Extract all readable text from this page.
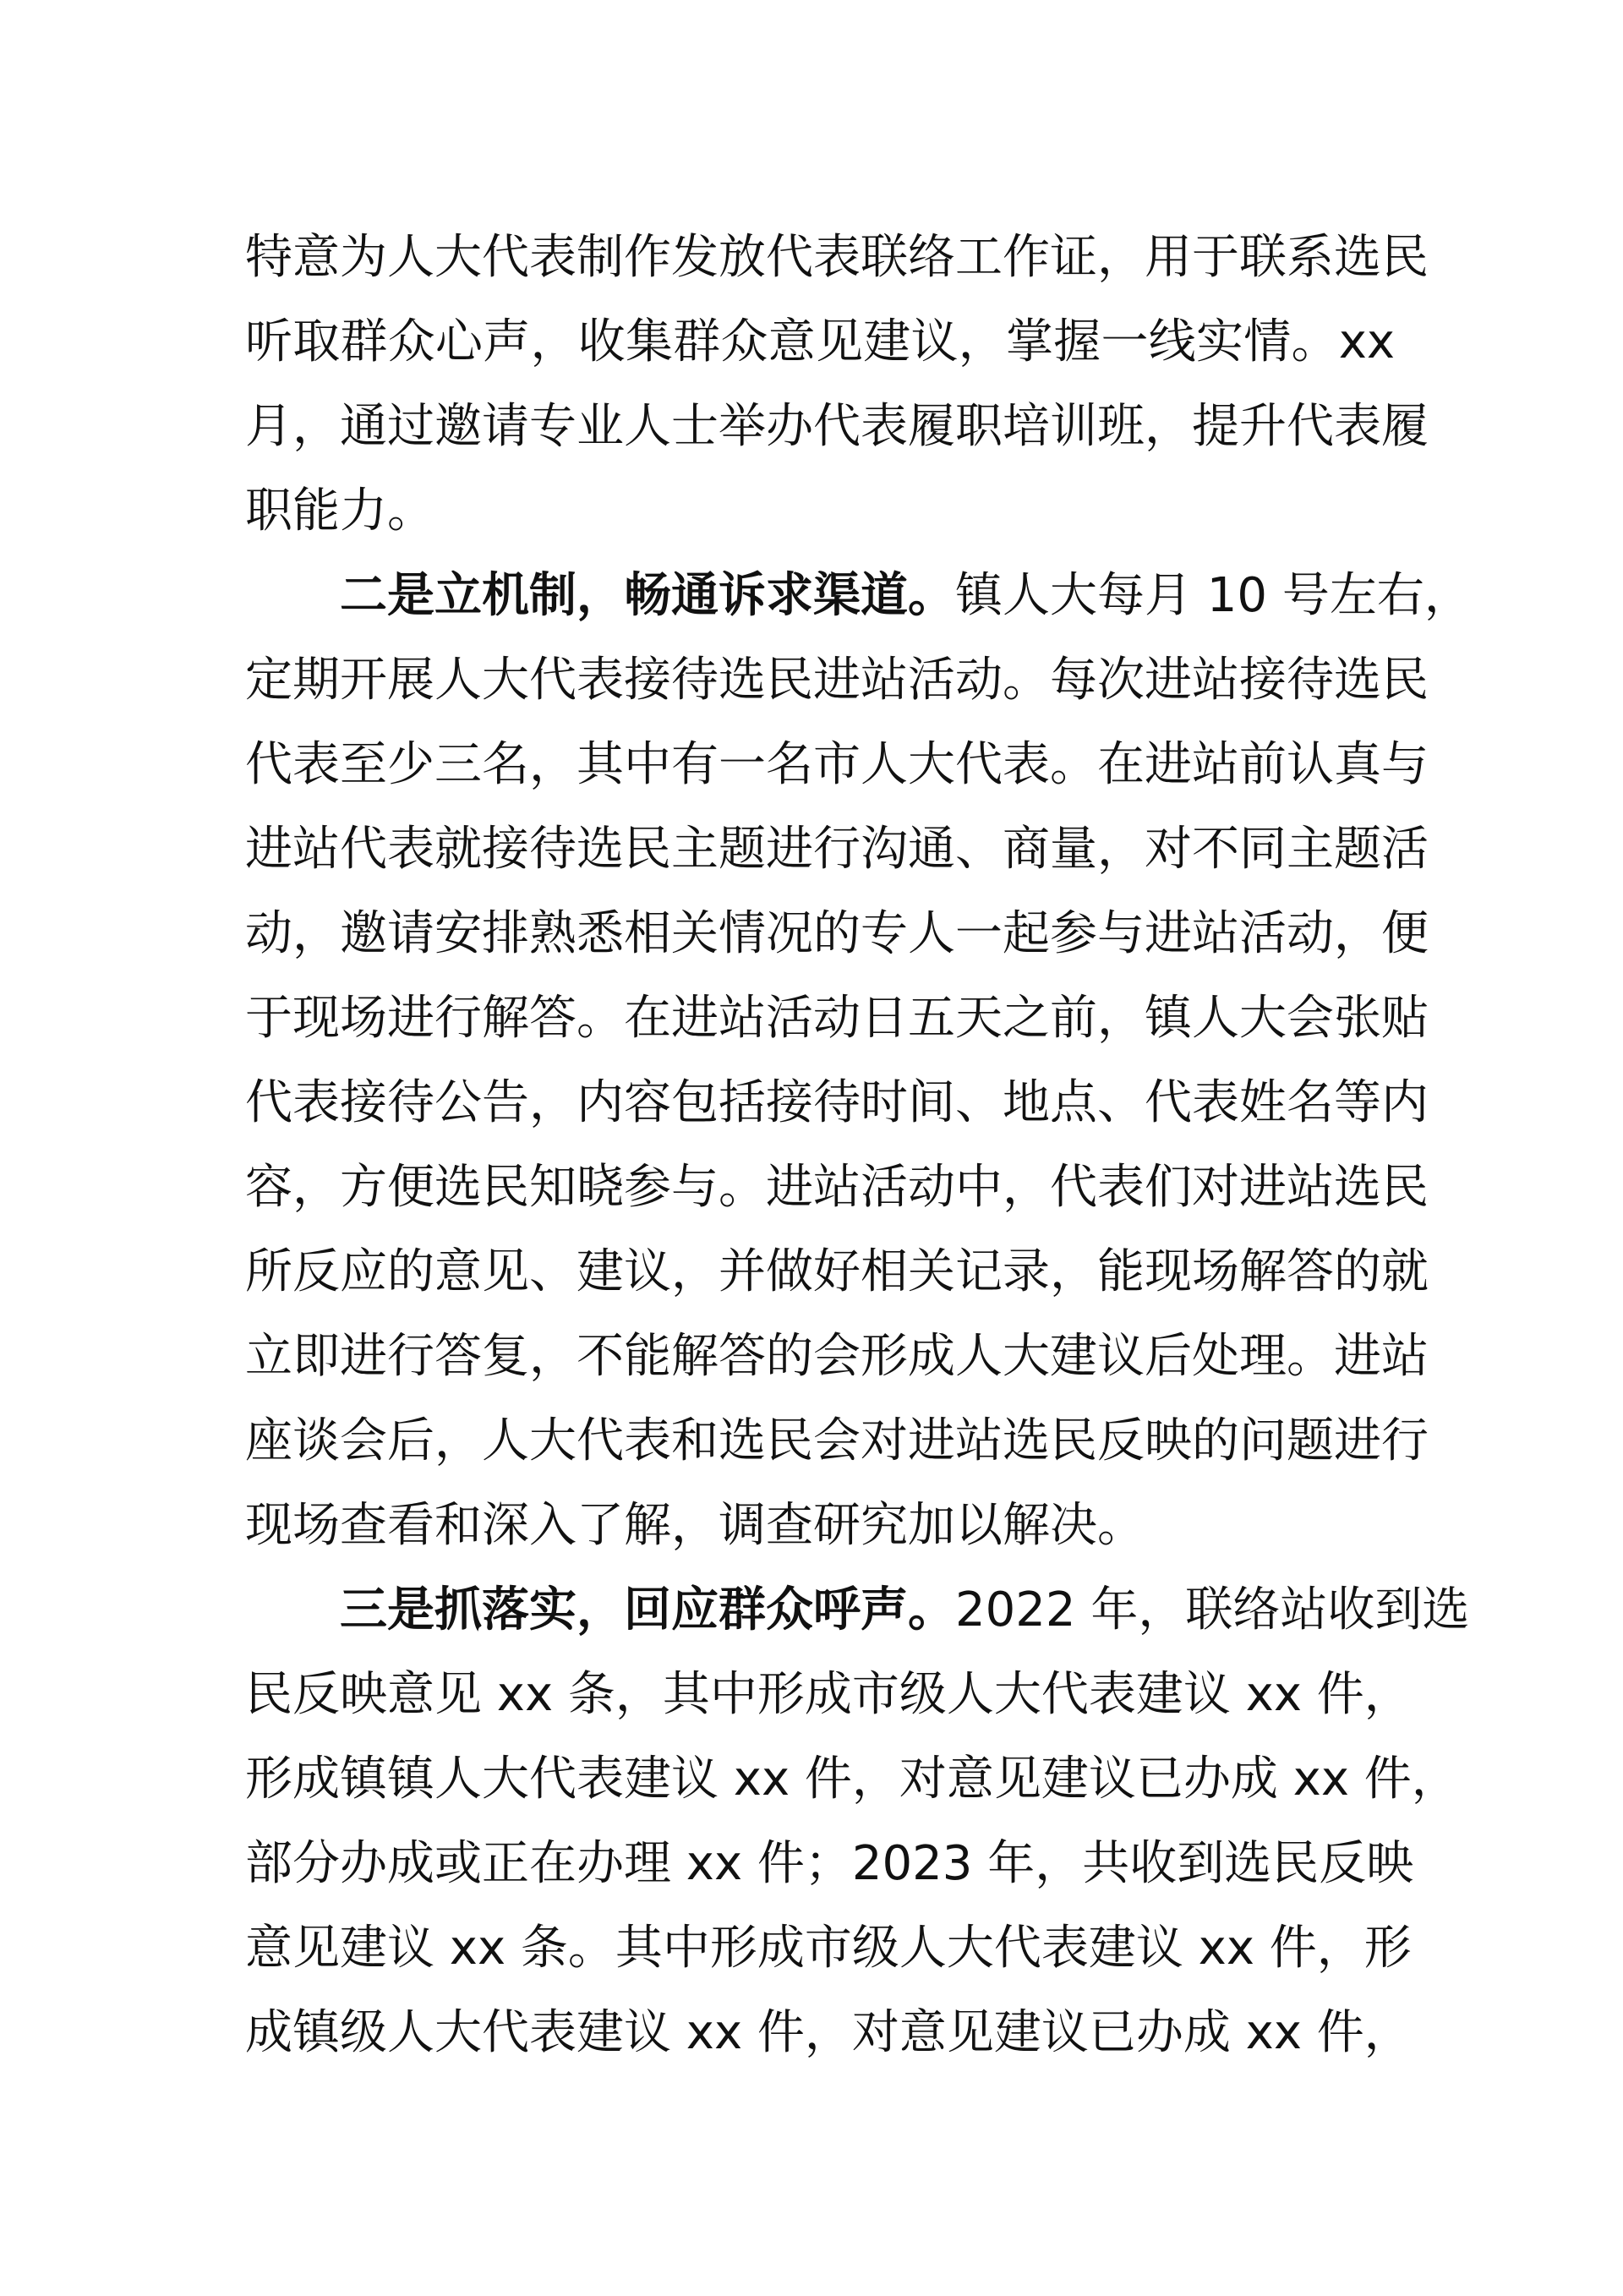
特意为人大代表制作发放代表联络工作证，用于联系选民
听取群众心声，收集群众意见建议，掌握一线实情。xx
月，通过邀请专业人士举办代表履职培训班，提升代表履
职能力。
二是立机制，畅通诉求渠道。镇人大每月 10 号左右，
定期开展人大代表接待选民进站活动。每次进站接待选民
代表至少三名，其中有一名市人大代表。在进站前认真与
进站代表就接待选民主题进行沟通、商量，对不同主题活
动，邀请安排熟悉相关情况的专人一起参与进站活动，便
于现场进行解答。在进站活动日五天之前，镇人大会张贴
代表接待公告，内容包括接待时间、地点、代表姓名等内
容，方便选民知晓参与。进站活动中，代表们对进站选民
所反应的意见、建议，并做好相关记录，能现场解答的就
立即进行答复，不能解答的会形成人大建议后处理。进站
座谈会后，人大代表和选民会对进站选民反映的问题进行
现场查看和深入了解，调查研究加以解决。
三是抓落实，回应群众呼声。2022 年，联络站收到选
民反映意见 xx 条，其中形成市级人大代表建议 xx 件，
形成镇镇人大代表建议 xx 件，对意见建议已办成 xx 件，
部分办成或正在办理 xx 件；2023 年，共收到选民反映
意见建议 xx 条。其中形成市级人大代表建议 xx 件，形
成镇级人大代表建议 xx 件，对意见建议已办成 xx 件，
